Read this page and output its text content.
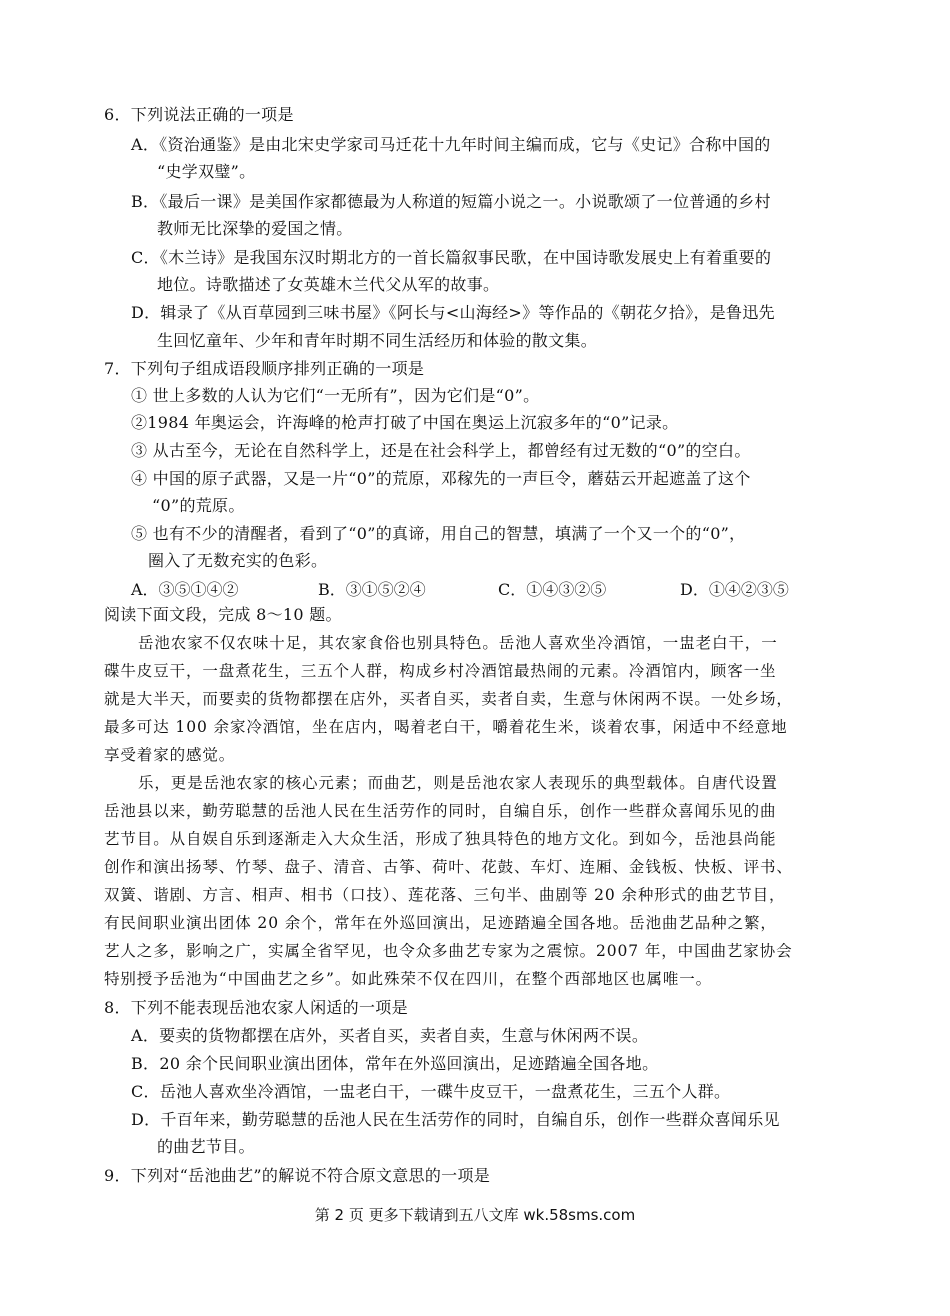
6．下列说法正确的一项是
A．《资治通鉴》是由北宋史学家司马迁花十九年时间主编而成，它与《史记》合称中国的
“史学双璧”。
B．《最后一课》是美国作家都德最为人称道的短篇小说之一。小说歌颂了一位普通的乡村
教师无比深挚的爱国之情。
C．《木兰诗》是我国东汉时期北方的一首长篇叙事民歌，在中国诗歌发展史上有着重要的
地位。诗歌描述了女英雄木兰代父从军的故事。
D．辑录了《从百草园到三味书屋》《阿长与<山海经>》等作品的《朝花夕拾》，是鲁迅先
生回忆童年、少年和青年时期不同生活经历和体验的散文集。
7．下列句子组成语段顺序排列正确的一项是
① 世上多数的人认为它们“一无所有”，因为它们是“0”。
②1984 年奥运会，许海峰的枪声打破了中国在奥运上沉寂多年的“0”记录。
③ 从古至今，无论在自然科学上，还是在社会科学上，都曾经有过无数的“0”的空白。
④ 中国的原子武器，又是一片“0”的荒原，邓稼先的一声巨令，蘑菇云开起遮盖了这个
“0”的荒原。
⑤ 也有不少的清醒者，看到了“0”的真谛，用自己的智慧，填满了一个又一个的“0”，
圈入了无数充实的色彩。
A．③⑤①④②	B．③①⑤②④	C．①④③②⑤	D．①④②③⑤
阅读下面文段，完成 8～10 题。
岳池农家不仅农味十足，其农家食俗也别具特色。岳池人喜欢坐冷酒馆，一盅老白干，一
碟牛皮豆干，一盘煮花生，三五个人群，构成乡村冷酒馆最热闹的元素。冷酒馆内，顾客一坐
就是大半天，而要卖的货物都摆在店外，买者自买，卖者自卖，生意与休闲两不误。一处乡场，
最多可达 100 余家冷酒馆，坐在店内，喝着老白干，嚼着花生米，谈着农事，闲适中不经意地
享受着家的感觉。
乐，更是岳池农家的核心元素；而曲艺，则是岳池农家人表现乐的典型载体。自唐代设置
岳池县以来，勤劳聪慧的岳池人民在生活劳作的同时，自编自乐，创作一些群众喜闻乐见的曲
艺节目。从自娱自乐到逐渐走入大众生活，形成了独具特色的地方文化。到如今，岳池县尚能
创作和演出扬琴、竹琴、盘子、清音、古筝、荷叶、花鼓、车灯、连厢、金钱板、快板、评书、
双簧、谐剧、方言、相声、相书（口技）、莲花落、三句半、曲剧等 20 余种形式的曲艺节目，
有民间职业演出团体 20 余个，常年在外巡回演出，足迹踏遍全国各地。岳池曲艺品种之繁，
艺人之多，影响之广，实属全省罕见，也令众多曲艺专家为之震惊。2007 年，中国曲艺家协会
特别授予岳池为“中国曲艺之乡”。如此殊荣不仅在四川，在整个西部地区也属唯一。
8．下列不能表现岳池农家人闲适的一项是
A．要卖的货物都摆在店外，买者自买，卖者自卖，生意与休闲两不误。
B．20 余个民间职业演出团体，常年在外巡回演出，足迹踏遍全国各地。
C．岳池人喜欢坐冷酒馆，一盅老白干，一碟牛皮豆干，一盘煮花生，三五个人群。
D．千百年来，勤劳聪慧的岳池人民在生活劳作的同时，自编自乐，创作一些群众喜闻乐见
的曲艺节目。
9．下列对“岳池曲艺”的解说不符合原文意思的一项是
第 2 页 更多下载请到五八文库 wk.58sms.com
